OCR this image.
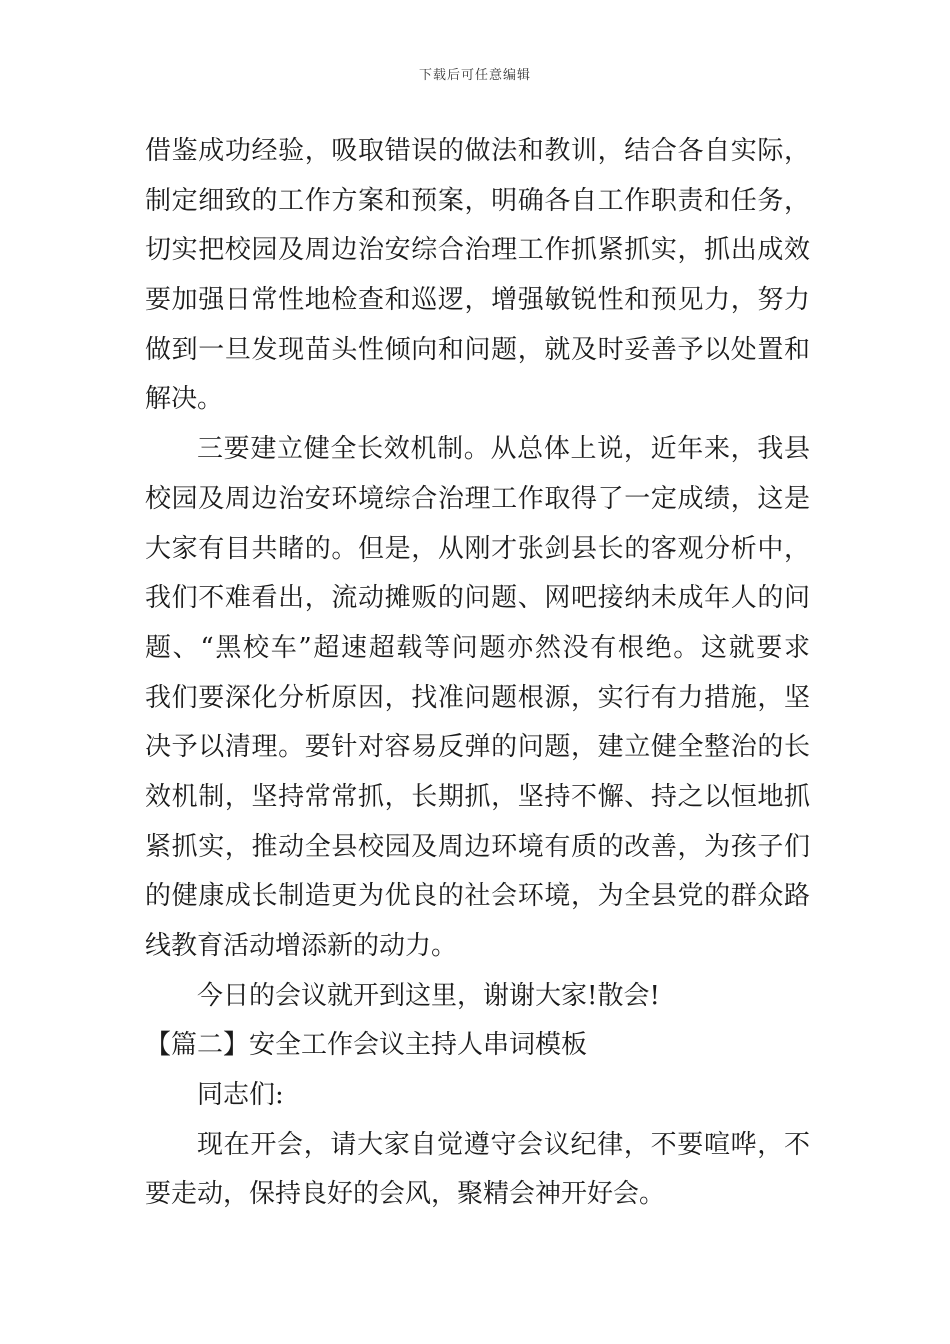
下载后可任意编辑
借鉴成功经验，吸取错误的做法和教训，结合各自实际，
制定细致的工作方案和预案，明确各自工作职责和任务，
切实把校园及周边治安综合治理工作抓紧抓实，抓出成效
要加强日常性地检查和巡逻，增强敏锐性和预见力，努力
做到一旦发现苗头性倾向和问题，就及时妥善予以处置和
解决。
三要建立健全长效机制。从总体上说，近年来，我县
校园及周边治安环境综合治理工作取得了一定成绩，这是
大家有目共睹的。但是，从刚才张剑县长的客观分析中，
我们不难看出，流动摊贩的问题、网吧接纳未成年人的问
题、“黑校车”超速超载等问题亦然没有根绝。这就要求
我们要深化分析原因，找准问题根源，实行有力措施，坚
决予以清理。要针对容易反弹的问题，建立健全整治的长
效机制，坚持常常抓，长期抓，坚持不懈、持之以恒地抓
紧抓实，推动全县校园及周边环境有质的改善，为孩子们
的健康成长制造更为优良的社会环境，为全县党的群众路
线教育活动增添新的动力。
今日的会议就开到这里，谢谢大家!散会!
【篇二】安全工作会议主持人串词模板
同志们:
现在开会，请大家自觉遵守会议纪律，不要喧哗，不
要走动，保持良好的会风，聚精会神开好会。
